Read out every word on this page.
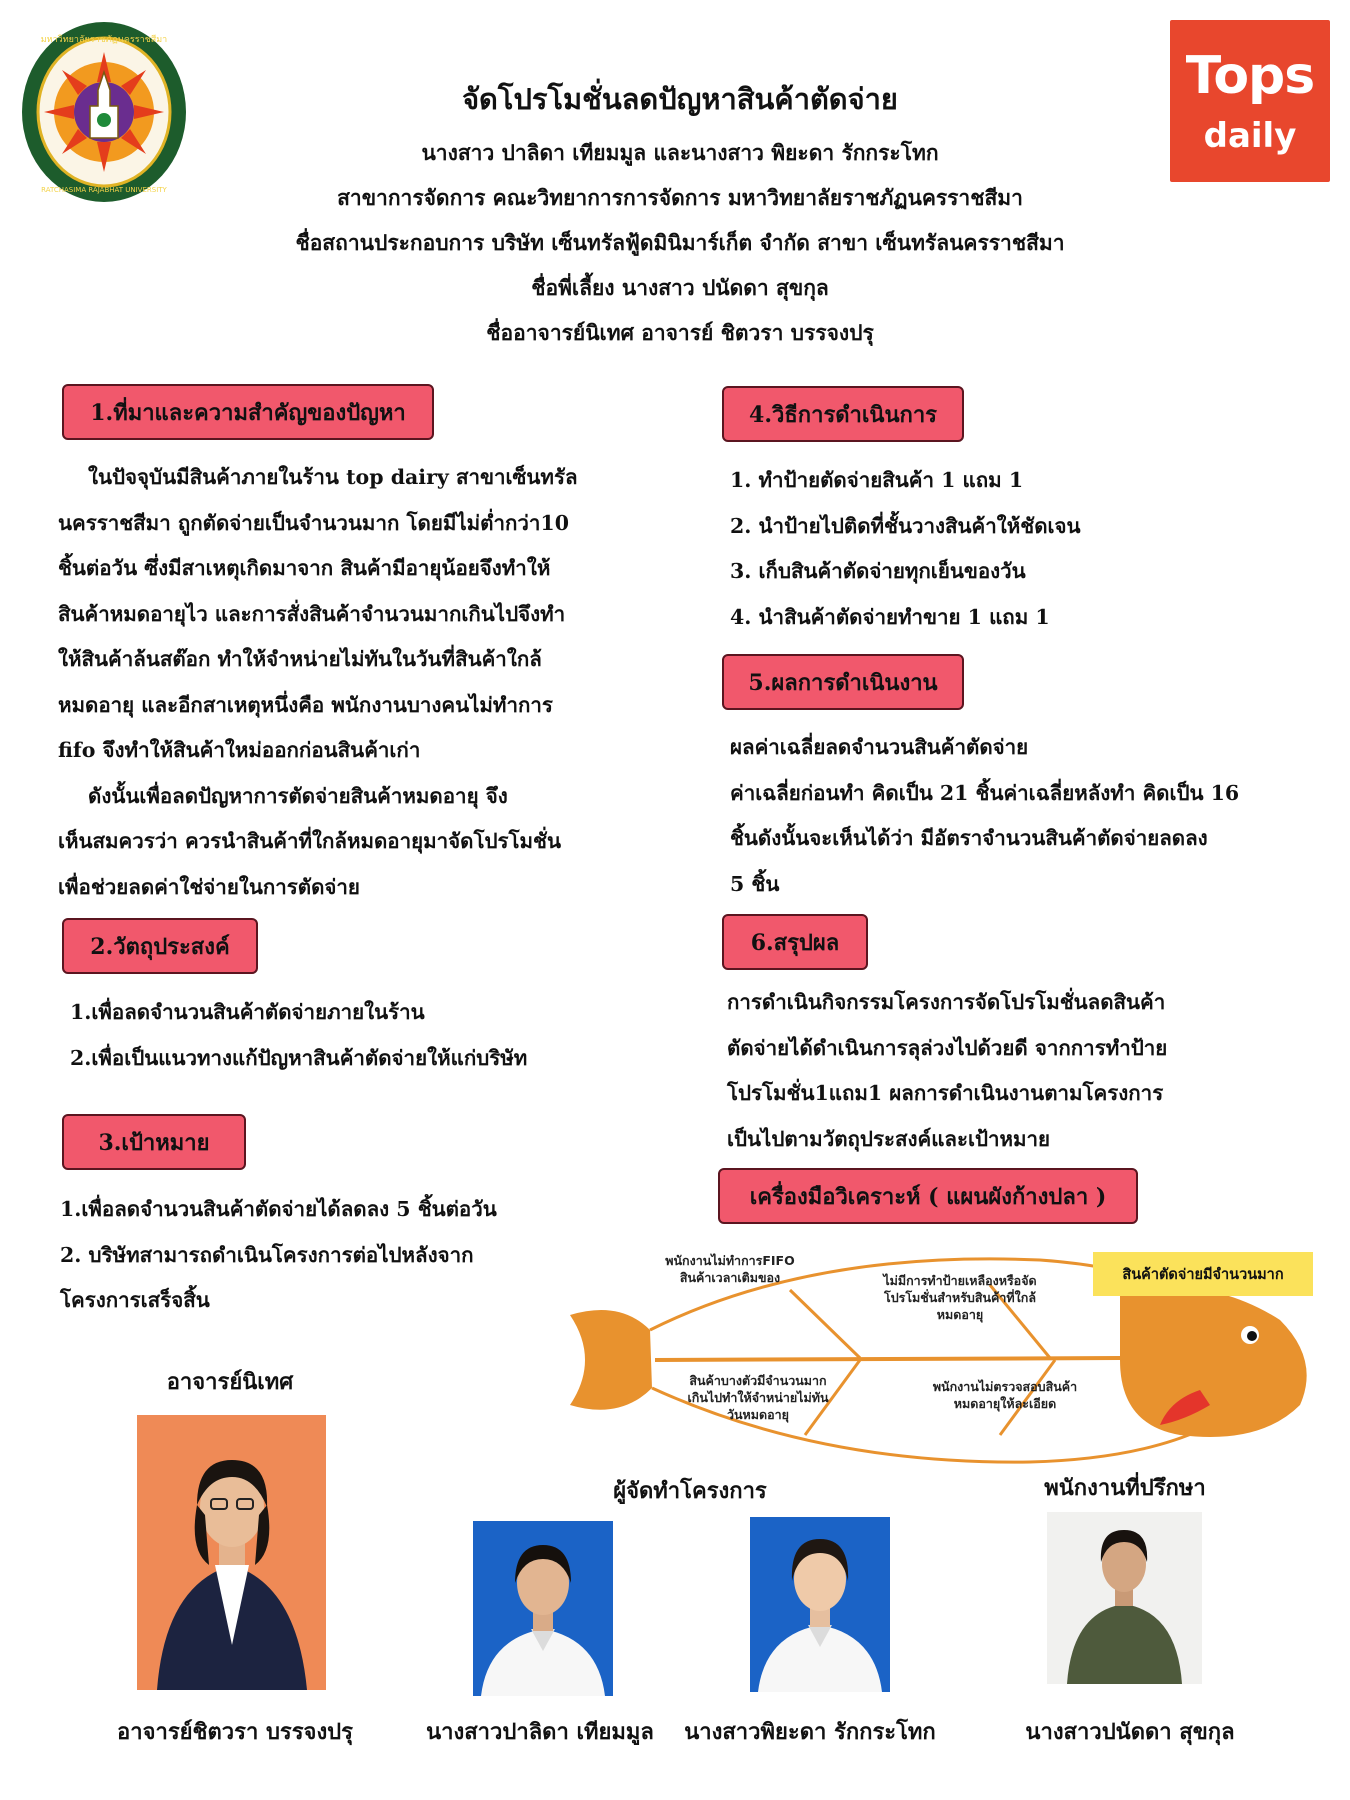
มหาวิทยาลัยราชภัฏนครราชสีมา
RATCHASIMA RAJABHAT UNIVERSITY
Tops
daily
จัดโปรโมชั่นลดปัญหาสินค้าตัดจ่าย
นางสาว ปาลิดา เทียมมูล และนางสาว พิยะดา รักกระโทก
สาขาการจัดการ คณะวิทยาการการจัดการ มหาวิทยาลัยราชภัฏนครราชสีมา
ชื่อสถานประกอบการ บริษัท เซ็นทรัลฟู้ดมินิมาร์เก็ต จำกัด สาขา เซ็นทรัลนครราชสีมา
ชื่อพี่เลี้ยง นางสาว ปนัดดา สุขกุล
ชื่ออาจารย์นิเทศ อาจารย์ ชิตวรา บรรจงปรุ
1.ที่มาและความสำคัญของปัญหา
ในปัจจุบันมีสินค้าภายในร้าน top dairy สาขาเซ็นทรัล
นครราชสีมา ถูกตัดจ่ายเป็นจำนวนมาก โดยมีไม่ต่ำกว่า10
ชิ้นต่อวัน ซึ่งมีสาเหตุเกิดมาจาก สินค้ามีอายุน้อยจึงทำให้
สินค้าหมดอายุไว และการสั่งสินค้าจำนวนมากเกินไปจึงทำ
ให้สินค้าล้นสต๊อก ทำให้จำหน่ายไม่ทันในวันที่สินค้าใกล้
หมดอายุ และอีกสาเหตุหนึ่งคือ พนักงานบางคนไม่ทำการ
fifo จึงทำให้สินค้าใหม่ออกก่อนสินค้าเก่า
ดังนั้นเพื่อลดปัญหาการตัดจ่ายสินค้าหมดอายุ จึง
เห็นสมควรว่า ควรนำสินค้าที่ใกล้หมดอายุมาจัดโปรโมชั่น
เพื่อช่วยลดค่าใช่จ่ายในการตัดจ่าย
2.วัตถุประสงค์
1.เพื่อลดจำนวนสินค้าตัดจ่ายภายในร้าน
2.เพื่อเป็นแนวทางแก้ปัญหาสินค้าตัดจ่ายให้แก่บริษัท
3.เป้าหมาย
1.เพื่อลดจำนวนสินค้าตัดจ่ายได้ลดลง 5 ชิ้นต่อวัน
2. บริษัทสามารถดำเนินโครงการต่อไปหลังจาก
โครงการเสร็จสิ้น
4.วิธีการดำเนินการ
1. ทำป้ายตัดจ่ายสินค้า 1 แถม 1
2. นำป้ายไปติดที่ชั้นวางสินค้าให้ชัดเจน
3. เก็บสินค้าตัดจ่ายทุกเย็นของวัน
4. นำสินค้าตัดจ่ายทำขาย 1 แถม 1
5.ผลการดำเนินงาน
ผลค่าเฉลี่ยลดจำนวนสินค้าตัดจ่าย
ค่าเฉลี่ยก่อนทำ คิดเป็น 21 ชิ้นค่าเฉลี่ยหลังทำ คิดเป็น 16
ชิ้นดังนั้นจะเห็นได้ว่า มีอัตราจำนวนสินค้าตัดจ่ายลดลง
5 ชิ้น
6.สรุปผล
การดำเนินกิจกรรมโครงการจัดโปรโมชั่นลดสินค้า
ตัดจ่ายได้ดำเนินการลุล่วงไปด้วยดี จากการทำป้าย
โปรโมชั่น1แถม1 ผลการดำเนินงานตามโครงการ
เป็นไปตามวัตถุประสงค์และเป้าหมาย
เครื่องมือวิเคราะห์ ( แผนผังก้างปลา )
พนักงานไม่ทำการFIFO
สินค้าเวลาเติมของ	ไม่มีการทำป้ายเหลืองหรือจัด
โปรโมชั่นสำหรับสินค้าที่ใกล้
หมดอายุ
สินค้าบางตัวมีจำนวนมาก
เกินไปทำให้จำหน่ายไม่ทัน
วันหมดอายุ
พนักงานไม่ตรวจสอบสินค้า
หมดอายุให้ละเอียด
สินค้าตัดจ่ายมีจำนวนมาก
อาจารย์นิเทศ
อาจารย์ชิตวรา บรรจงปรุ
ผู้จัดทำโครงการ
นางสาวปาลิดา เทียมมูล	นางสาวพิยะดา รักกระโทก
พนักงานที่ปรึกษา
นางสาวปนัดดา สุขกุล
